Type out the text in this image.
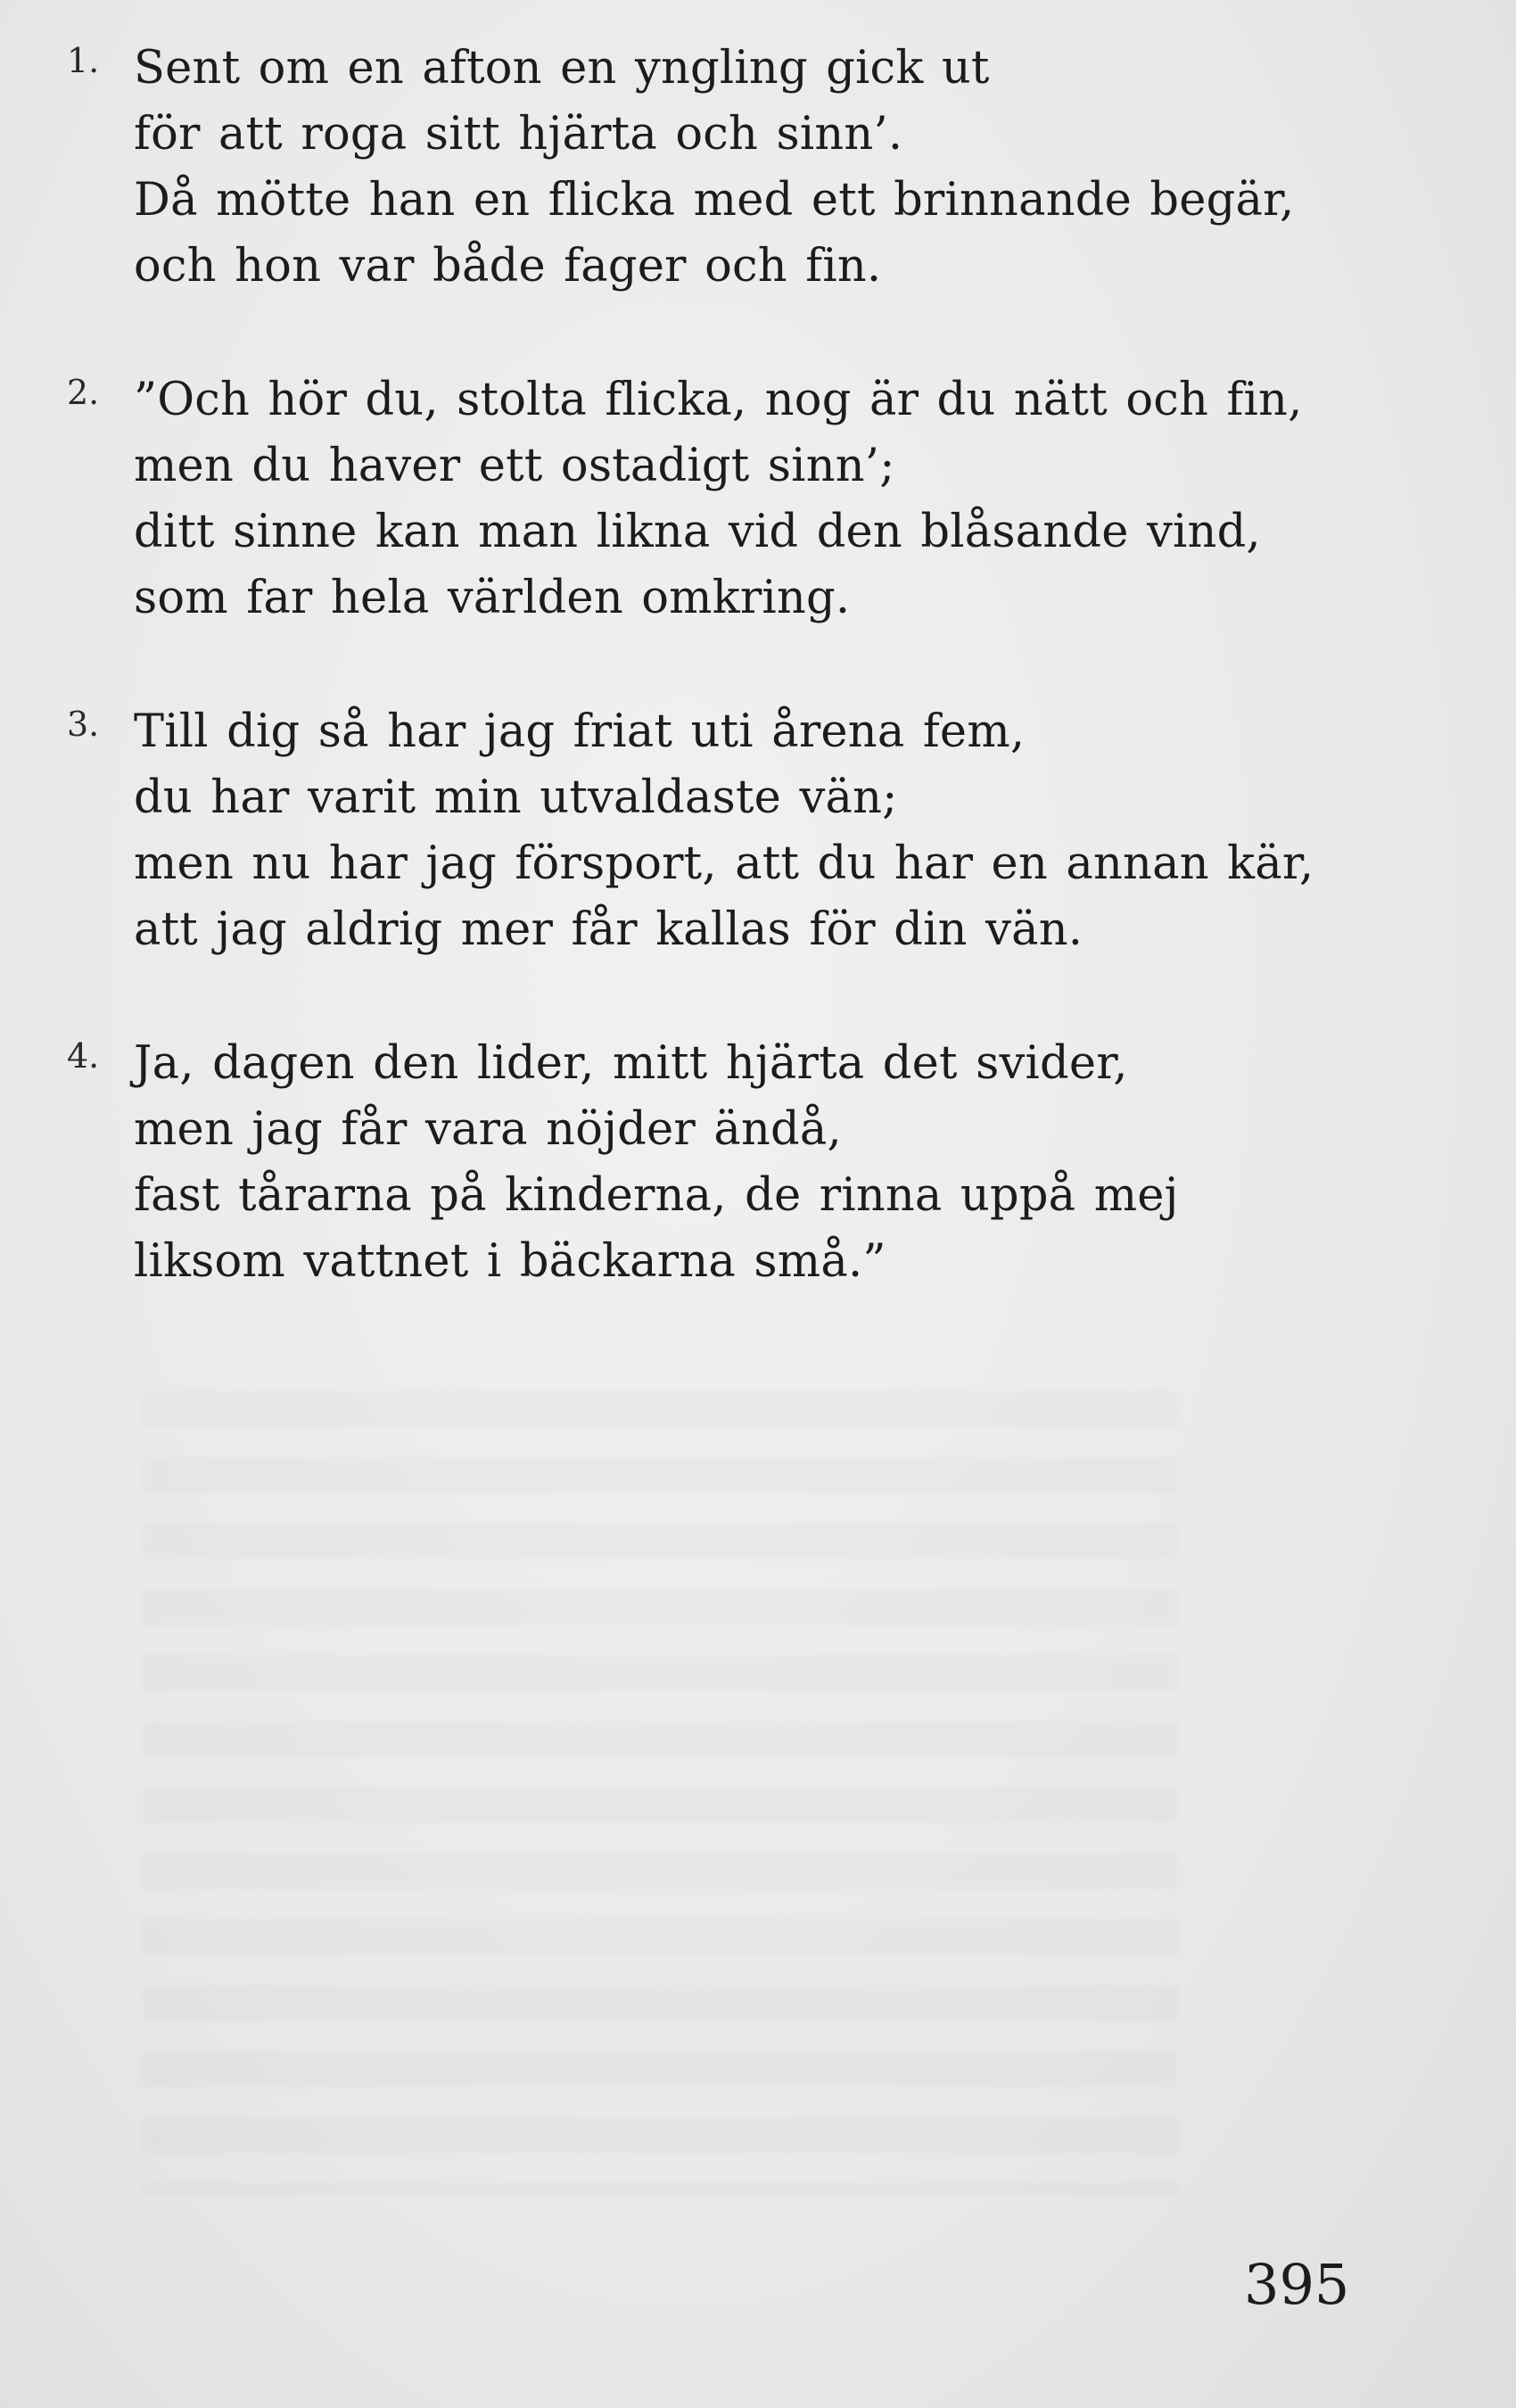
1. Sent om en afton en yngling gick ut
för att roga sitt hjärta och sinn’.
Då mötte han en flicka med ett brinnande begär,
och hon var både fager och fin.
2. ”Och hör du, stolta flicka, nog är du nätt och fin,
men du haver ett ostadigt sinn’;
ditt sinne kan man likna vid den blåsande vind,
som far hela världen omkring.
3. Till dig så har jag friat uti årena fem,
du har varit min utvaldaste vän;
men nu har jag försport, att du har en annan kär,
att jag aldrig mer får kallas för din vän.
4. Ja, dagen den lider, mitt hjärta det svider,
men jag får vara nöjder ändå,
fast tårarna på kinderna, de rinna uppå mej
liksom vattnet i bäckarna små.”
395
